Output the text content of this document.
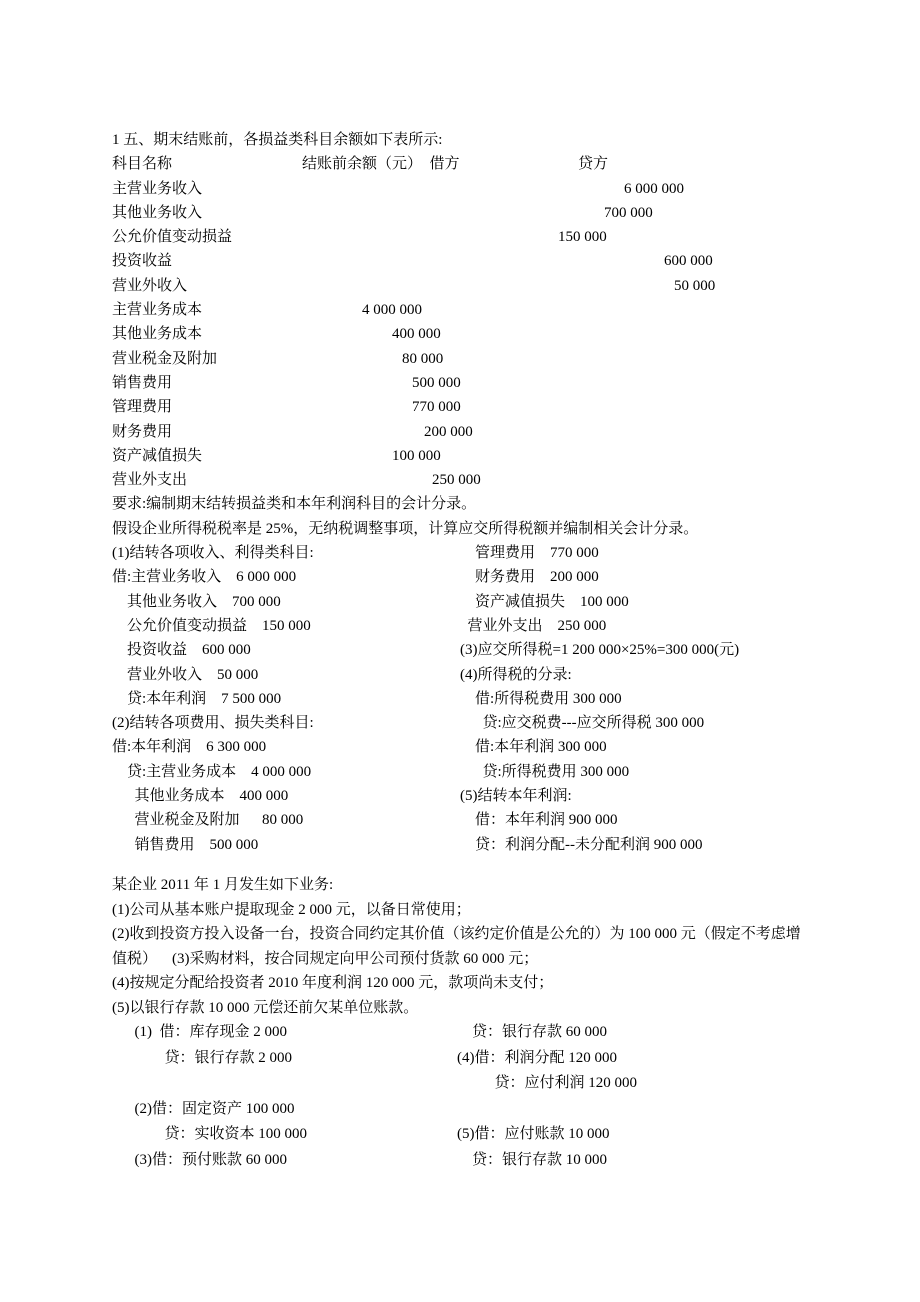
1 五、期末结账前，各损益类科目余额如下表所示:
科目名称	结账前余额（元） 借方	贷方
主营业务收入		6 000 000
其他业务收入		700 000
公允价值变动损益		150 000
投资收益		600 000
营业外收入		50 000
主营业务成本	4 000 000	
其他业务成本	400 000	
营业税金及附加	80 000	
销售费用	500 000	
管理费用	770 000	
财务费用	200 000	
资产减值损失	100 000	
营业外支出	250 000	
要求:编制期末结转损益类和本年利润科目的会计分录。
假设企业所得税税率是 25%，无纳税调整事项，计算应交所得税额并编制相关会计分录。
(1)结转各项收入、利得类科目:	管理费用    770 000
借:主营业务收入    6 000 000	财务费用    200 000
其他业务收入    700 000	资产减值损失    100 000
公允价值变动损益    150 000	营业外支出    250 000
投资收益    600 000	(3)应交所得税=1 200 000×25%=300 000(元)
营业外收入    50 000	(4)所得税的分录:
贷:本年利润    7 500 000	借:所得税费用 300 000
(2)结转各项费用、损失类科目:	贷:应交税费---应交所得税 300 000
借:本年利润    6 300 000	借:本年利润 300 000
贷:主营业务成本    4 000 000	贷:所得税费用 300 000
其他业务成本    400 000	(5)结转本年利润:
营业税金及附加      80 000	借：本年利润 900 000
销售费用    500 000	贷：利润分配--未分配利润 900 000
某企业 2011 年 1 月发生如下业务:
(1)公司从基本账户提取现金 2 000 元，以备日常使用；
(2)收到投资方投入设备一台，投资合同约定其价值（该约定价值是公允的）为 100 000 元（假定不考虑增值税）    (3)采购材料，按合同规定向甲公司预付货款 60 000 元；
(4)按规定分配给投资者 2010 年度利润 120 000 元，款项尚未支付；
(5)以银行存款 10 000 元偿还前欠某单位账款。
(1)  借：库存现金 2 000	贷：银行存款 60 000
贷：银行存款 2 000	(4)借：利润分配 120 000
	贷：应付利润 120 000
(2)借：固定资产 100 000	
贷：实收资本 100 000	(5)借：应付账款 10 000
(3)借：预付账款 60 000	贷：银行存款 10 000
